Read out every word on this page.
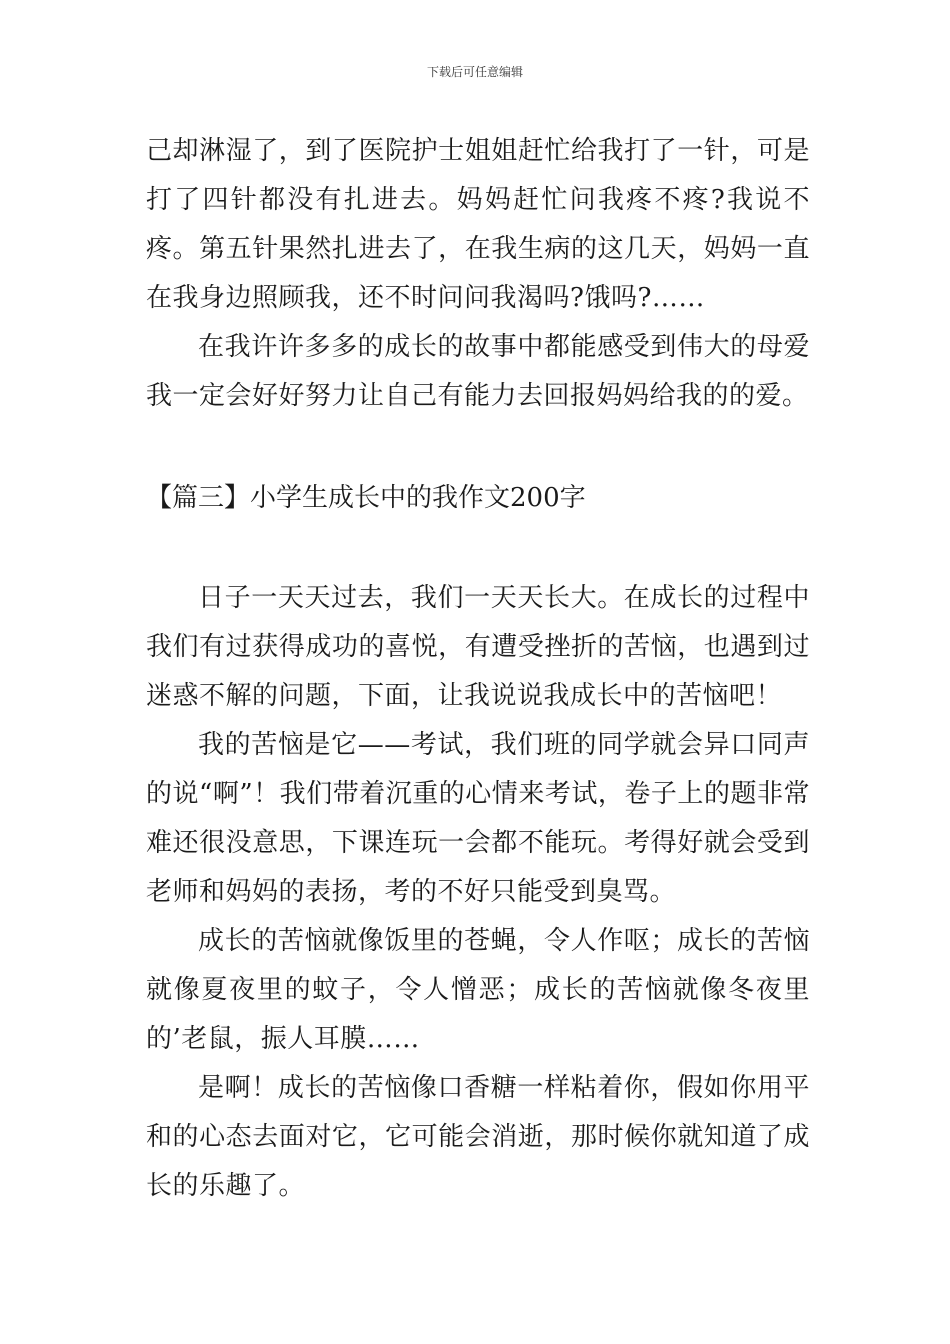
下载后可任意编辑

己却淋湿了，到了医院护士姐姐赶忙给我打了一针，可是打了四针都没有扎进去。妈妈赶忙问我疼不疼?我说不疼。第五针果然扎进去了，在我生病的这几天，妈妈一直在我身边照顾我，还不时问问我渴吗?饿吗?……

在我许许多多的成长的故事中都能感受到伟大的母爱我一定会好好努力让自己有能力去回报妈妈给我的的爱。

【篇三】小学生成长中的我作文200字

日子一天天过去，我们一天天长大。在成长的过程中我们有过获得成功的喜悦，有遭受挫折的苦恼，也遇到过迷惑不解的问题，下面，让我说说我成长中的苦恼吧！

我的苦恼是它——考试，我们班的同学就会异口同声的说“啊”！我们带着沉重的心情来考试，卷子上的题非常难还很没意思，下课连玩一会都不能玩。考得好就会受到老师和妈妈的表扬，考的不好只能受到臭骂。

成长的苦恼就像饭里的苍蝇，令人作呕；成长的苦恼就像夏夜里的蚊子，令人憎恶；成长的苦恼就像冬夜里的’老鼠，振人耳膜……

是啊！成长的苦恼像口香糖一样粘着你，假如你用平和的心态去面对它，它可能会消逝，那时候你就知道了成长的乐趣了。
